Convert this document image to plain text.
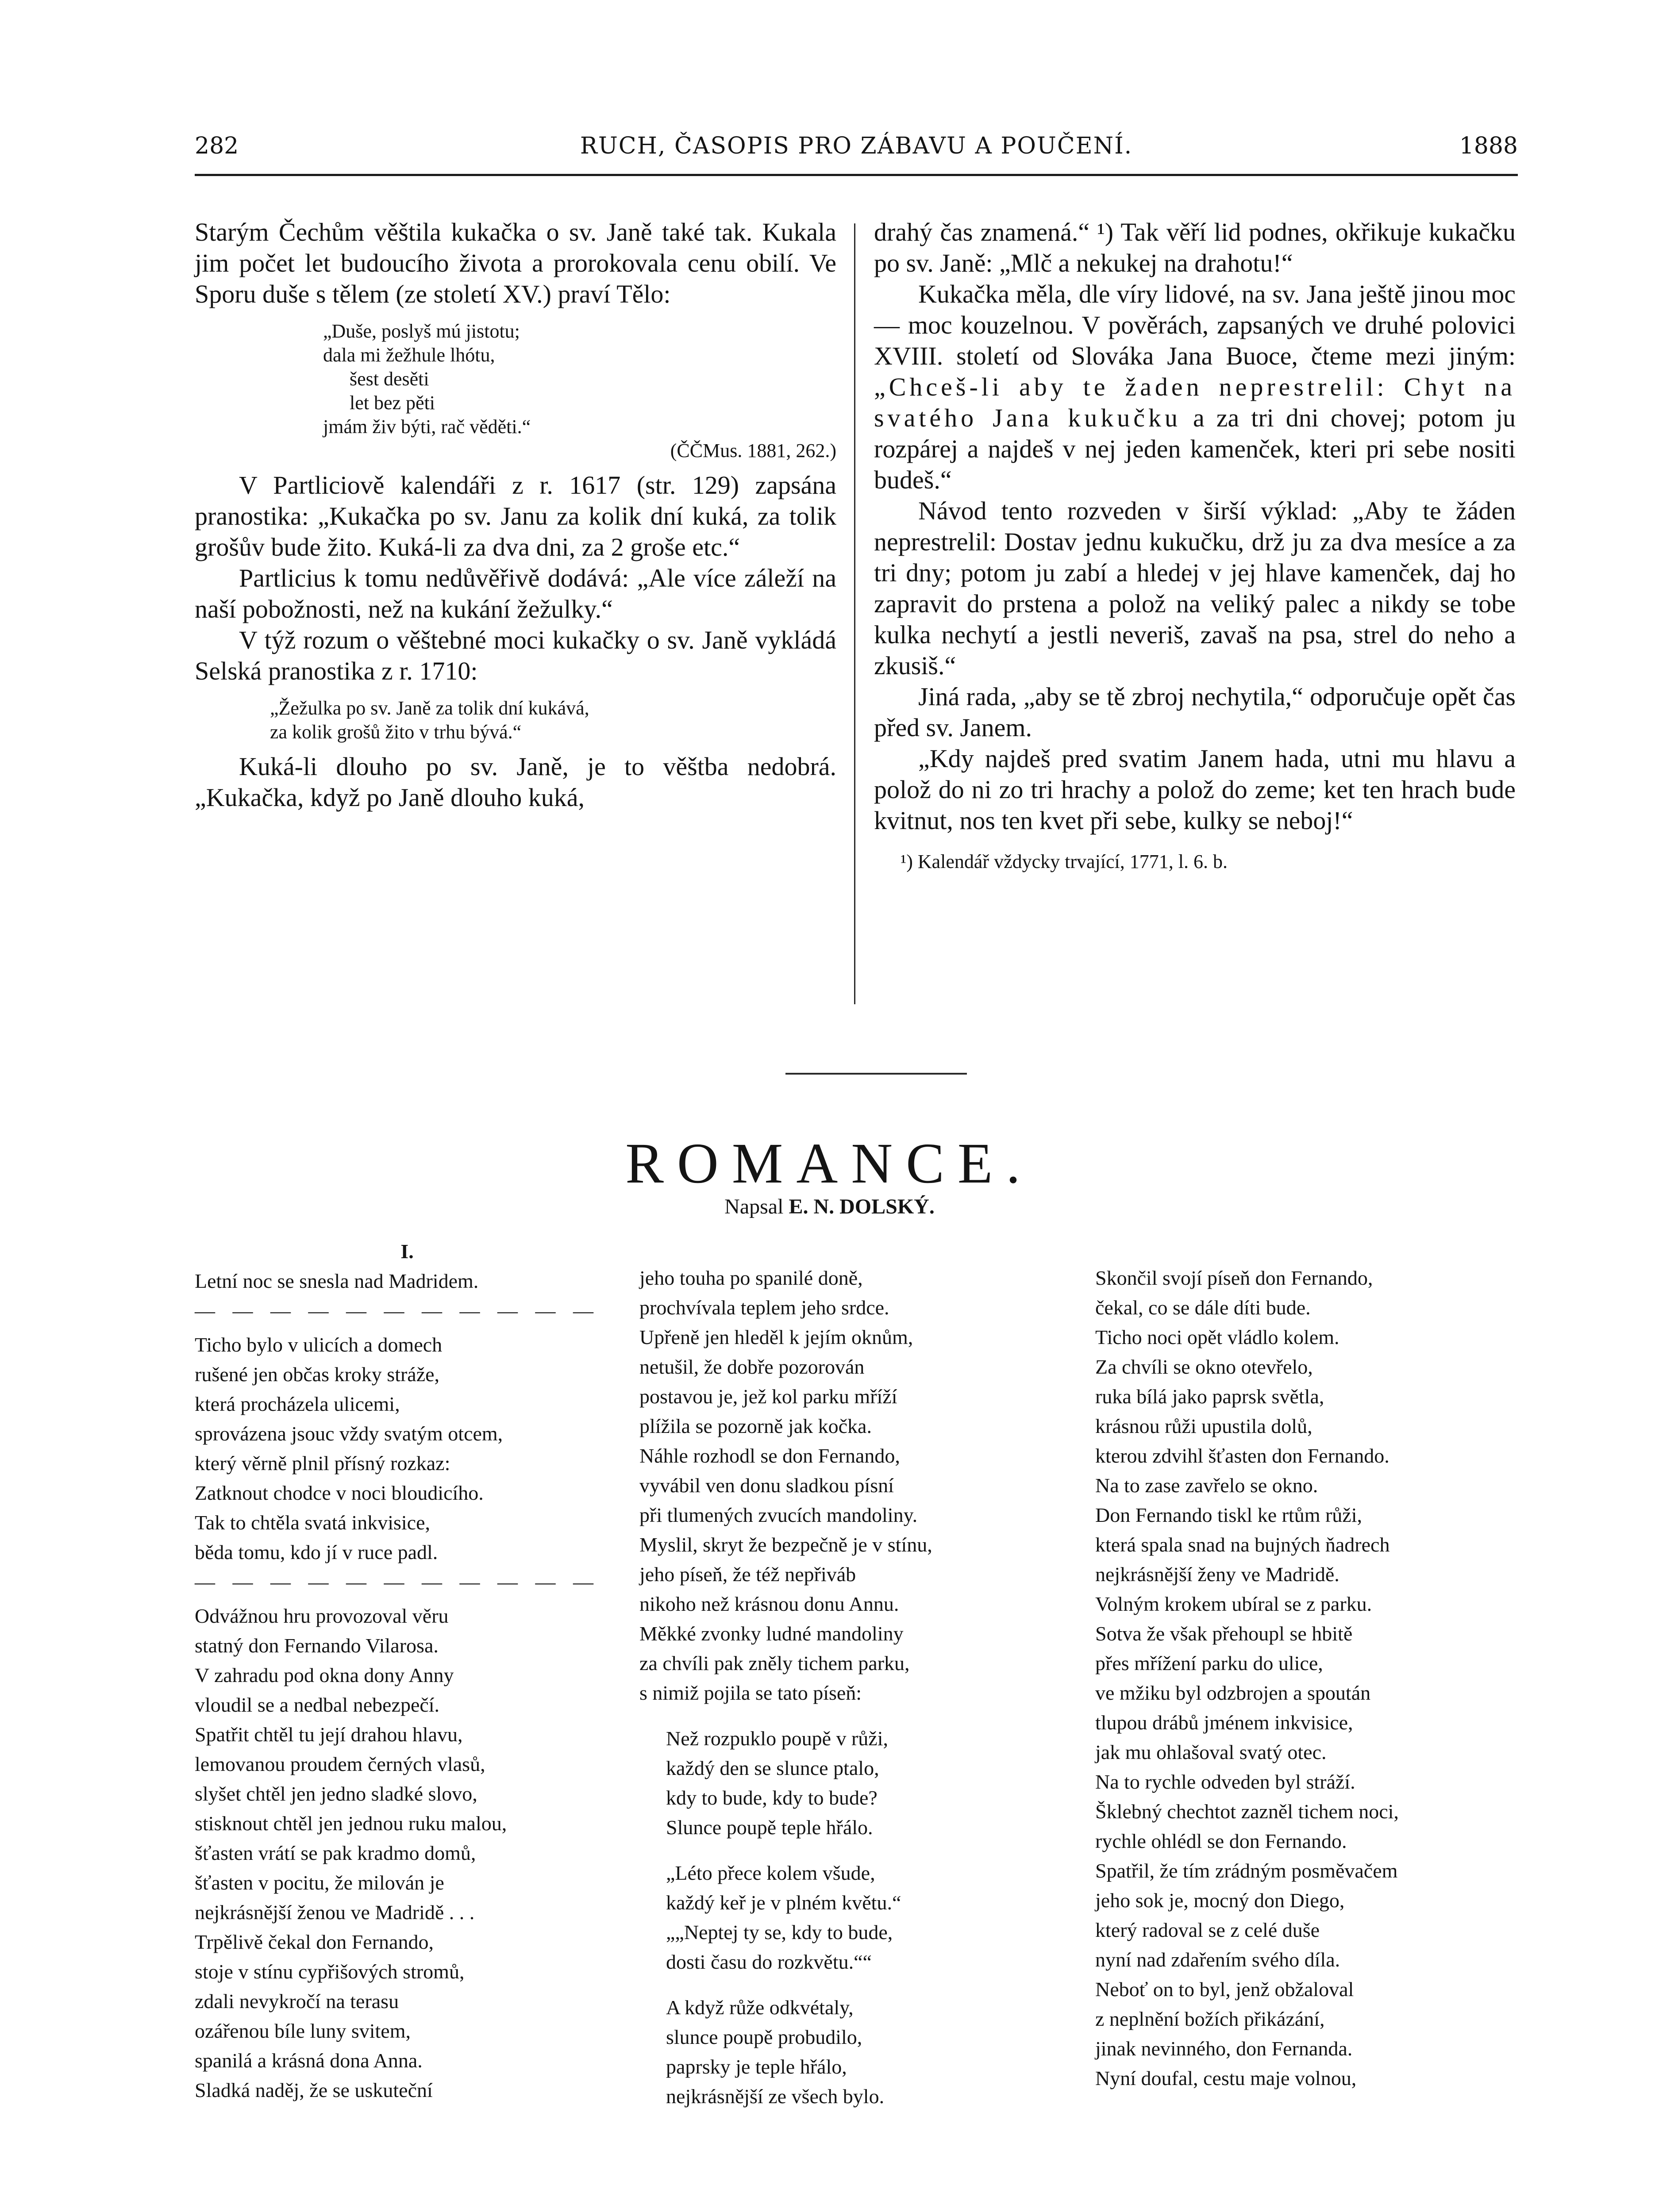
282	RUCH, ČASOPIS PRO ZÁBAVU A POUČENÍ.	1888

Starým Čechům věštila kukačka o sv. Janě také tak. Kukala jim počet let budoucího života a prorokovala cenu obilí. Ve Sporu duše s tělem (ze století XV.) praví Tělo:

„Duše, poslyš mú jistotu;
dala mi žežhule lhótu,
šest desěti
let bez pěti
jmám živ býti, rač věděti.“
(ČČMus. 1881, 262.)

V Partliciově kalendáři z r. 1617 (str. 129) zapsána pranostika: „Kukačka po sv. Janu za kolik dní kuká, za tolik grošův bude žito. Kuká-li za dva dni, za 2 groše etc.“

Partlicius k tomu nedůvěřivě dodává: „Ale více záleží na naší pobožnosti, než na kukání žežulky.“

V týž rozum o věštebné moci kukačky o sv. Janě vykládá Selská pranostika z r. 1710:

„Žežulka po sv. Janě za tolik dní kukává,
za kolik grošů žito v trhu bývá.“

Kuká-li dlouho po sv. Janě, je to věštba nedobrá. „Kukačka, když po Janě dlouho kuká,

drahý čas znamená.“ ¹) Tak věří lid podnes, okřikuje kukačku po sv. Janě: „Mlč a nekukej na drahotu!“

Kukačka měla, dle víry lidové, na sv. Jana ještě jinou moc — moc kouzelnou. V pověrách, zapsaných ve druhé polovici XVIII. století od Slováka Jana Buoce, čteme mezi jiným: „Chceš-li aby te žaden neprestrelil: Chyt na svatého Jana kukučku a za tri dni chovej; potom ju rozpárej a najdeš v nej jeden kamenček, kteri pri sebe nositi budeš.“

Návod tento rozveden v širší výklad: „Aby te žáden neprestrelil: Dostav jednu kukučku, drž ju za dva mesíce a za tri dny; potom ju zabí a hledej v jej hlave kamenček, daj ho zapravit do prstena a polož na veliký palec a nikdy se tobe kulka nechytí a jestli neveriš, zavaš na psa, strel do neho a zkusiš.“

Jiná rada, „aby se tě zbroj nechytila,“ odporučuje opět čas před sv. Janem.

„Kdy najdeš pred svatim Janem hada, utni mu hlavu a polož do ni zo tri hrachy a polož do zeme; ket ten hrach bude kvitnut, nos ten kvet při sebe, kulky se neboj!“

¹) Kalendář vždycky trvající, 1771, l. 6. b.
ROMANCE.
Napsal E. N. DOLSKÝ.
I.
Letní noc se snesla nad Madridem.
— — — — — — — — — — —
Ticho bylo v ulicích a domech
rušené jen občas kroky stráže,
která procházela ulicemi,
sprovázena jsouc vždy svatým otcem,
který věrně plnil přísný rozkaz:
Zatknout chodce v noci bloudicího.
Tak to chtěla svatá inkvisice,
běda tomu, kdo jí v ruce padl.
— — — — — — — — — — —
Odvážnou hru provozoval věru
statný don Fernando Vilarosa.
V zahradu pod okna dony Anny
vloudil se a nedbal nebezpečí.
Spatřit chtěl tu její drahou hlavu,
lemovanou proudem černých vlasů,
slyšet chtěl jen jedno sladké slovo,
stisknout chtěl jen jednou ruku malou,
šťasten vrátí se pak kradmo domů,
šťasten v pocitu, že milován je
nejkrásnější ženou ve Madridě . . .
Trpělivě čekal don Fernando,
stoje v stínu cypřišových stromů,
zdali nevykročí na terasu
ozářenou bíle luny svitem,
spanilá a krásná dona Anna.
Sladká naděj, že se uskuteční
jeho touha po spanilé doně,
prochvívala teplem jeho srdce.
Upřeně jen hleděl k jejím oknům,
netušil, že dobře pozorován
postavou je, jež kol parku mříží
plížila se pozorně jak kočka.
Náhle rozhodl se don Fernando,
vyvábil ven donu sladkou písní
při tlumených zvucích mandoliny.
Myslil, skryt že bezpečně je v stínu,
jeho píseň, že též nepřiváb
nikoho než krásnou donu Annu.
Měkké zvonky ludné mandoliny
za chvíli pak zněly tichem parku,
s nimiž pojila se tato píseň:
Než rozpuklo poupě v růži,
každý den se slunce ptalo,
kdy to bude, kdy to bude?
Slunce poupě teple hřálo.
„Léto přece kolem všude,
každý keř je v plném květu.“
„„Neptej ty se, kdy to bude,
dosti času do rozkvětu.““
A když růže odkvétaly,
slunce poupě probudilo,
paprsky je teple hřálo,
nejkrásnější ze všech bylo.
Skončil svojí píseň don Fernando,
čekal, co se dále díti bude.
Ticho noci opět vládlo kolem.
Za chvíli se okno otevřelo,
ruka bílá jako paprsk světla,
krásnou růži upustila dolů,
kterou zdvihl šťasten don Fernando.
Na to zase zavřelo se okno.
Don Fernando tiskl ke rtům růži,
která spala snad na bujných ňadrech
nejkrásnější ženy ve Madridě.
Volným krokem ubíral se z parku.
Sotva že však přehoupl se hbitě
přes mřížení parku do ulice,
ve mžiku byl odzbrojen a spoután
tlupou drábů jménem inkvisice,
jak mu ohlašoval svatý otec.
Na to rychle odveden byl stráží.
Šklebný chechtot zazněl tichem noci,
rychle ohlédl se don Fernando.
Spatřil, že tím zrádným posměvačem
jeho sok je, mocný don Diego,
který radoval se z celé duše
nyní nad zdařením svého díla.
Neboť on to byl, jenž obžaloval
z neplnění božích přikázání,
jinak nevinného, don Fernanda.
Nyní doufal, cestu maje volnou,
